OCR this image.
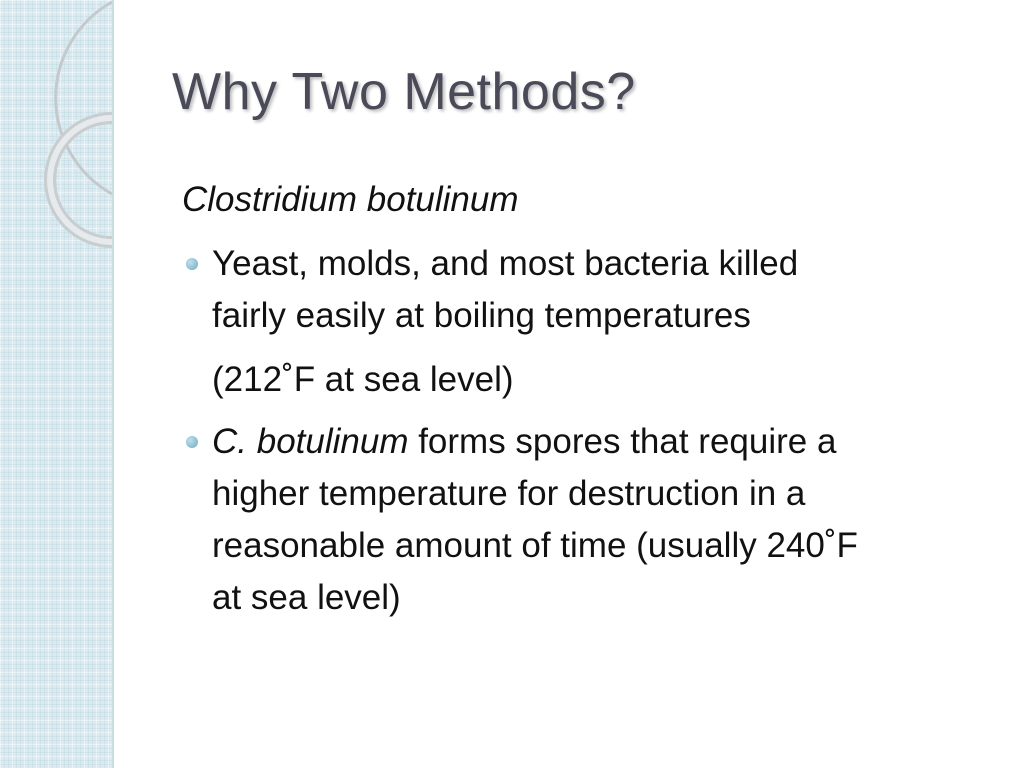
Why Two Methods?

Clostridium botulinum

Yeast, molds, and most bacteria killed
fairly easily at boiling temperatures
(212˚F at sea level)
C. botulinum forms spores that require a
higher temperature for destruction in a
reasonable amount of time (usually 240˚F
at sea level)
